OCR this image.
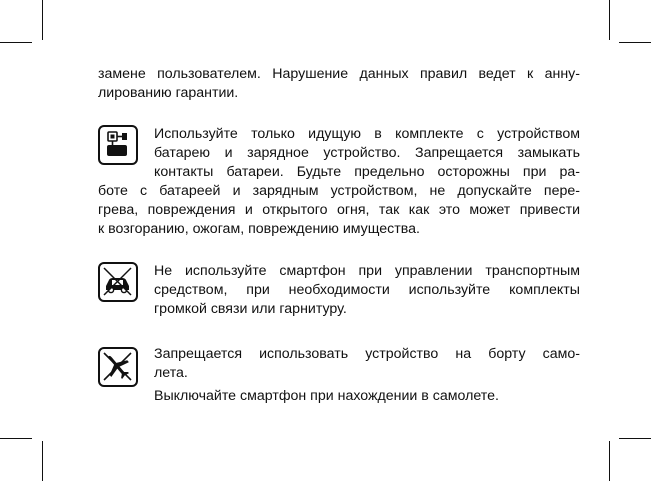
замене пользователем. Нарушение данных правил ведет к анну-
лированию гарантии.
Используйте только идущую в комплекте с устройством
батарею и зарядное устройство. Запрещается замыкать
контакты батареи. Будьте предельно осторожны при ра-
боте с батареей и зарядным устройством, не допускайте пере-
грева, повреждения и открытого огня, так как это может привести
к возгоранию, ожогам, повреждению имущества.
Не используйте смартфон при управлении транспортным
средством, при необходимости используйте комплекты
громкой связи или гарнитуру.
Запрещается использовать устройство на борту само-
лета.
Выключайте смартфон при нахождении в самолете.
